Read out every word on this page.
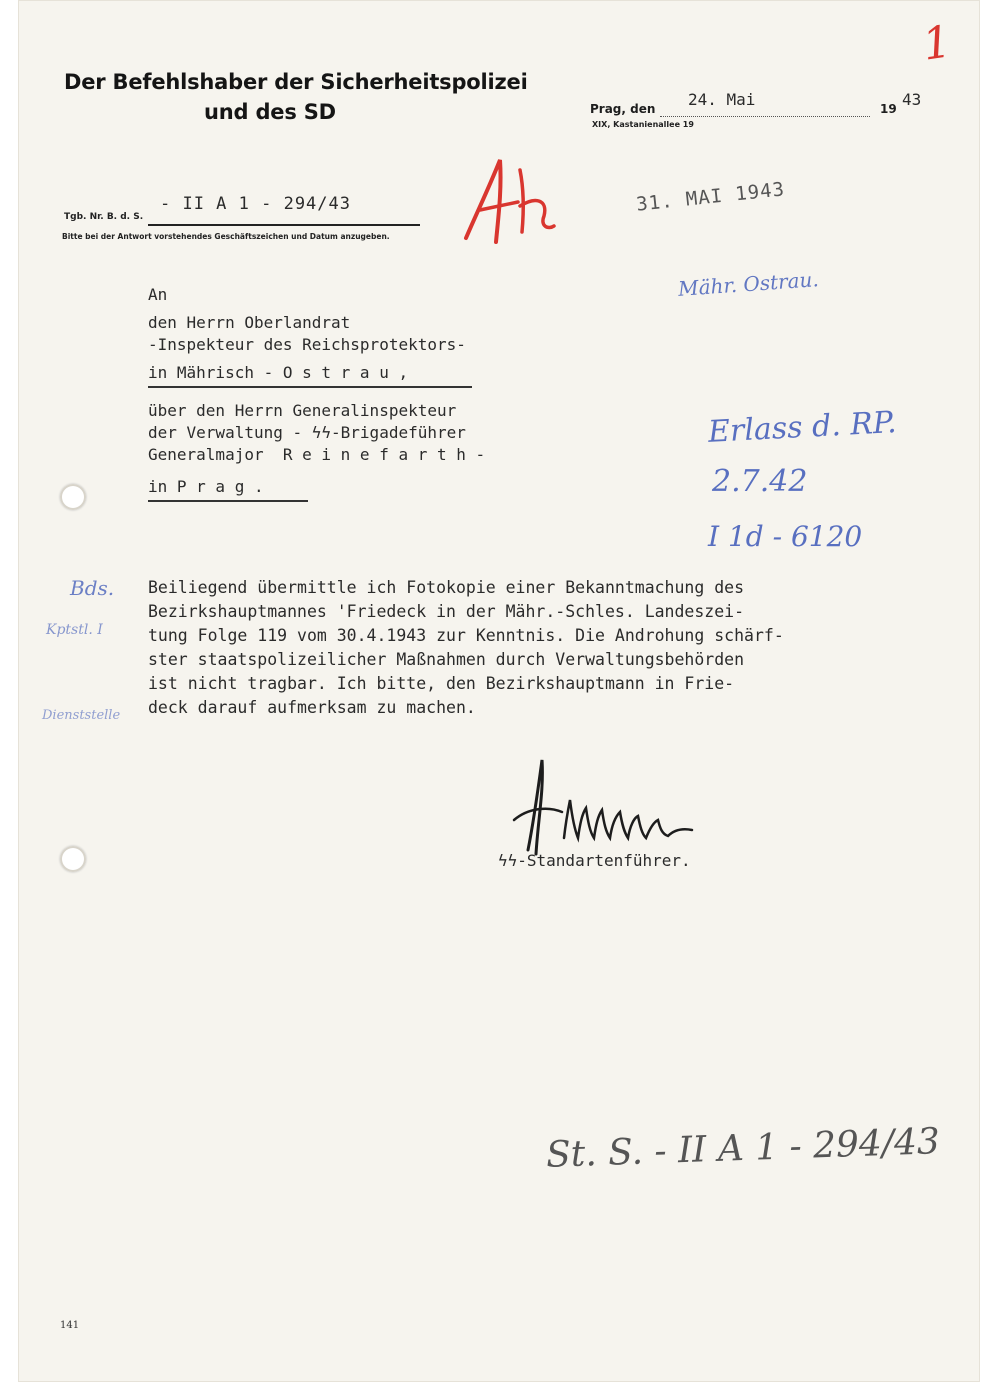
1
Der Befehlshaber der Sicherheitspolizei
und des SD	Prag, den 24. Mai	19 43
XIX, Kastanienallee 19
31. MAI 1943
Tgb. Nr. B. d. S.
- II A 1 - 294/43
Bitte bei der Antwort vorstehendes Geschäftszeichen und Datum anzugeben.
Mähr. Ostrau.
An
den Herrn Oberlandrat
-Inspekteur des Reichsprotektors-
in Mährisch - O s t r a u ,
über den Herrn Generalinspekteur
der Verwaltung - ϟϟ-Brigadeführer
Generalmajor  R e i n e f a r t h -
in P r a g .
Erlass d. RP.
2.7.42
I 1d - 6120
Bds.
Kptstl. I
Dienststelle
Beiliegend übermittle ich Fotokopie einer Bekanntmachung des
Bezirkshauptmannes 'Friedeck in der Mähr.-Schles. Landeszei-
tung Folge 119 vom 30.4.1943 zur Kenntnis. Die Androhung schärf-
ster staatspolizeilicher Maßnahmen durch Verwaltungsbehörden
ist nicht tragbar. Ich bitte, den Bezirkshauptmann in Frie-
deck darauf aufmerksam zu machen.
ϟϟ-Standartenführer.
St. S. - II A 1 - 294/43
141
